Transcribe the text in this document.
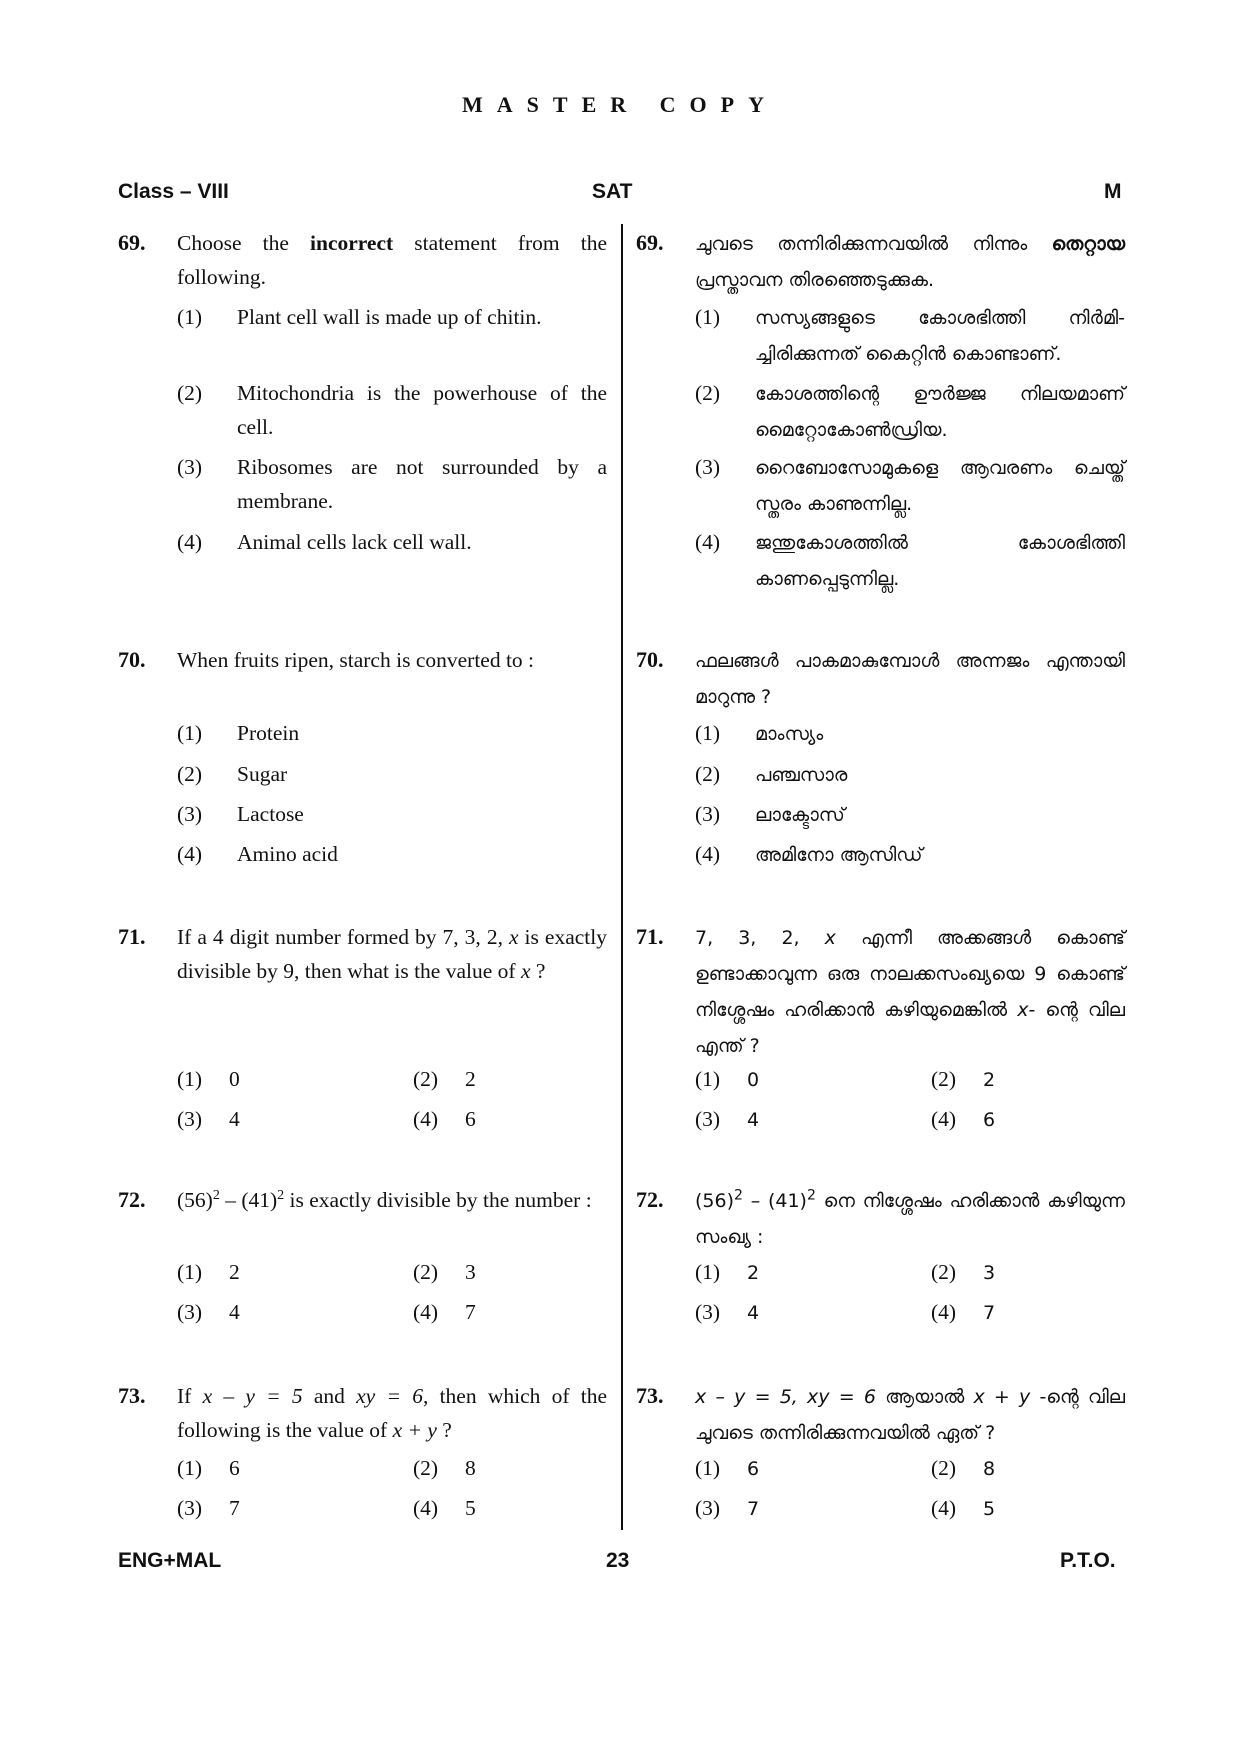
MASTER COPY
Class – VIII	SAT	M
69. Choose the incorrect statement from the following.
(1) Plant cell wall is made up of chitin.
(2) Mitochondria is the powerhouse of the cell.
(3) Ribosomes are not surrounded by a membrane.
(4) Animal cells lack cell wall.
70. When fruits ripen, starch is converted to :
(1) Protein
(2) Sugar
(3) Lactose
(4) Amino acid
71. If a 4 digit number formed by 7, 3, 2, x is exactly divisible by 9, then what is the value of x ?
(1) 0	(2) 2
(3) 4	(4) 6
72. $(56)^2 - (41)^2$ is exactly divisible by the number :
(1) 2	(2) 3
(3) 4	(4) 7
73. If x – y = 5 and xy = 6, then which of the following is the value of x + y ?
(1) 6	(2) 8
(3) 7	(4) 5
69. ചുവടെ തന്നിരിക്കുന്നവയിൽ നിന്നും തെറ്റായ പ്രസ്താവന തിരഞ്ഞെടുക്കുക.
(1) സസ്യങ്ങളുടെ കോശഭിത്തി നിർമി-ച്ചിരിക്കുന്നത് കൈറ്റിൻ കൊണ്ടാണ്.
(2) കോശത്തിന്റെ ഊർജ്ജ നിലയമാണ് മൈറ്റോകോൺഡ്രിയ.
(3) റൈബോസോമുകളെ ആവരണം ചെയ്ത് സ്തരം കാണുന്നില്ല.
(4) ജന്തുകോശത്തിൽ കോശഭിത്തി കാണപ്പെടുന്നില്ല.
70. ഫലങ്ങൾ പാകമാകുമ്പോൾ അന്നജം എന്തായി മാറുന്നു ?
(1) മാംസ്യം
(2) പഞ്ചസാര
(3) ലാക്ടോസ്
(4) അമിനോ ആസിഡ്
71. 7, 3, 2, x എന്നീ അക്കങ്ങൾ കൊണ്ട് ഉണ്ടാക്കാവുന്ന ഒരു നാലക്കസംഖ്യയെ 9 കൊണ്ട് നിശ്ശേഷം ഹരിക്കാൻ കഴിയുമെങ്കിൽ x- ന്റെ വില എന്ത് ?
(1) 0	(2) 2
(3) 4	(4) 6
72. $(56)^2 - (41)^2$ നെ നിശ്ശേഷം ഹരിക്കാൻ കഴിയുന്ന സംഖ്യ :
(1) 2	(2) 3
(3) 4	(4) 7
73. x – y = 5, xy = 6 ആയാൽ x + y -ന്റെ വില ചുവടെ തന്നിരിക്കുന്നവയിൽ ഏത് ?
(1) 6	(2) 8
(3) 7	(4) 5
ENG+MAL	23	P.T.O.
